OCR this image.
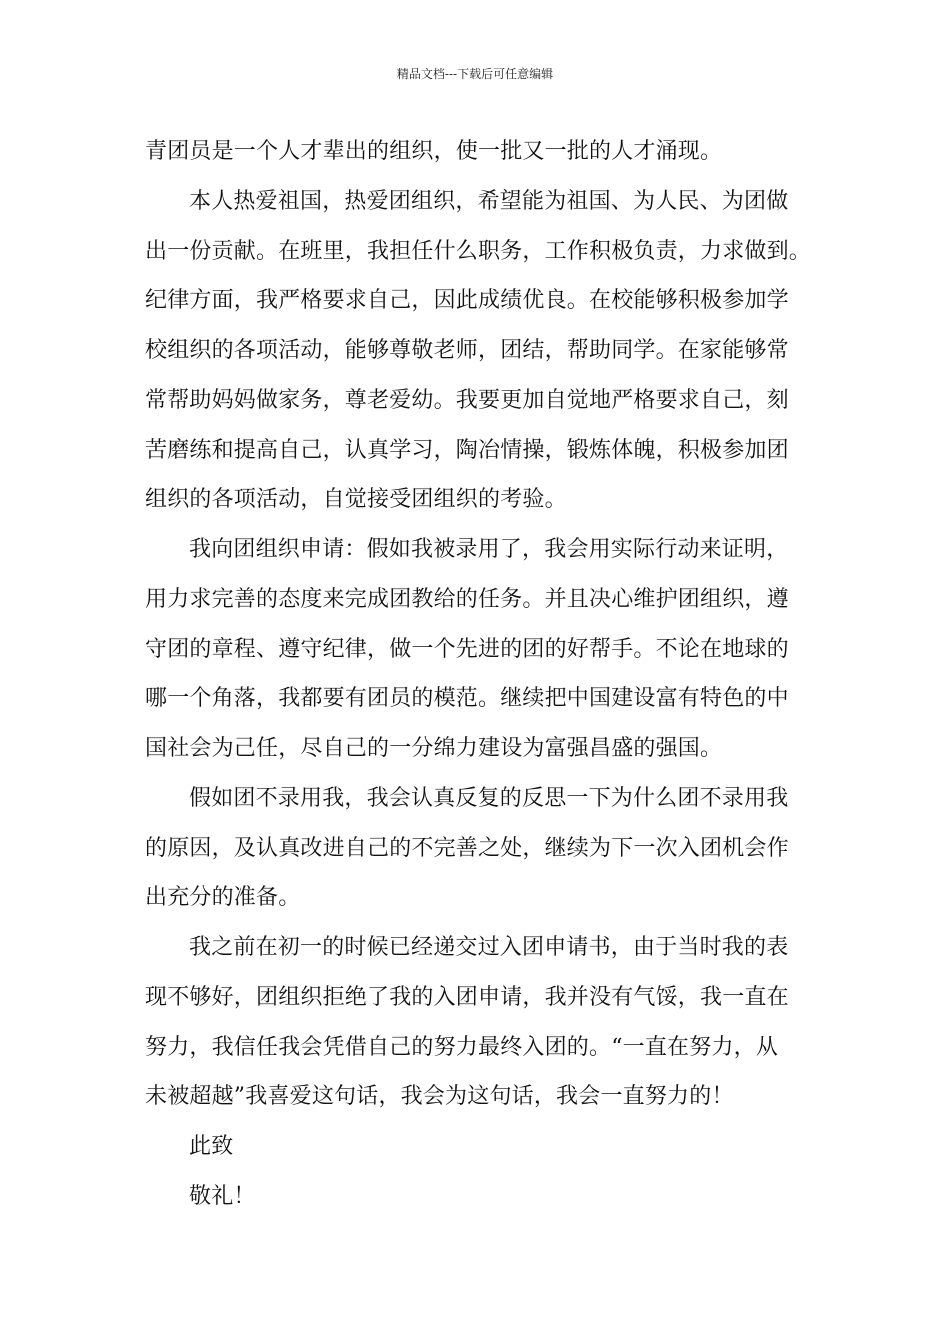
精品文档---下载后可任意编辑
青团员是一个人才辈出的组织，使一批又一批的人才涌现。
本人热爱祖国，热爱团组织，希望能为祖国、为人民、为团做
出一份贡献。在班里，我担任什么职务，工作积极负责，力求做到。
纪律方面，我严格要求自己，因此成绩优良。在校能够积极参加学
校组织的各项活动，能够尊敬老师，团结，帮助同学。在家能够常
常帮助妈妈做家务，尊老爱幼。我要更加自觉地严格要求自己，刻
苦磨练和提高自己，认真学习，陶冶情操，锻炼体魄，积极参加团
组织的各项活动，自觉接受团组织的考验。
我向团组织申请：假如我被录用了，我会用实际行动来证明，
用力求完善的态度来完成团教给的任务。并且决心维护团组织，遵
守团的章程、遵守纪律，做一个先进的团的好帮手。不论在地球的
哪一个角落，我都要有团员的模范。继续把中国建设富有特色的中
国社会为己任，尽自己的一分绵力建设为富强昌盛的强国。
假如团不录用我，我会认真反复的反思一下为什么团不录用我
的原因，及认真改进自己的不完善之处，继续为下一次入团机会作
出充分的准备。
我之前在初一的时候已经递交过入团申请书，由于当时我的表
现不够好，团组织拒绝了我的入团申请，我并没有气馁，我一直在
努力，我信任我会凭借自己的努力最终入团的。“一直在努力，从
未被超越”我喜爱这句话，我会为这句话，我会一直努力的！
此致
敬礼！
